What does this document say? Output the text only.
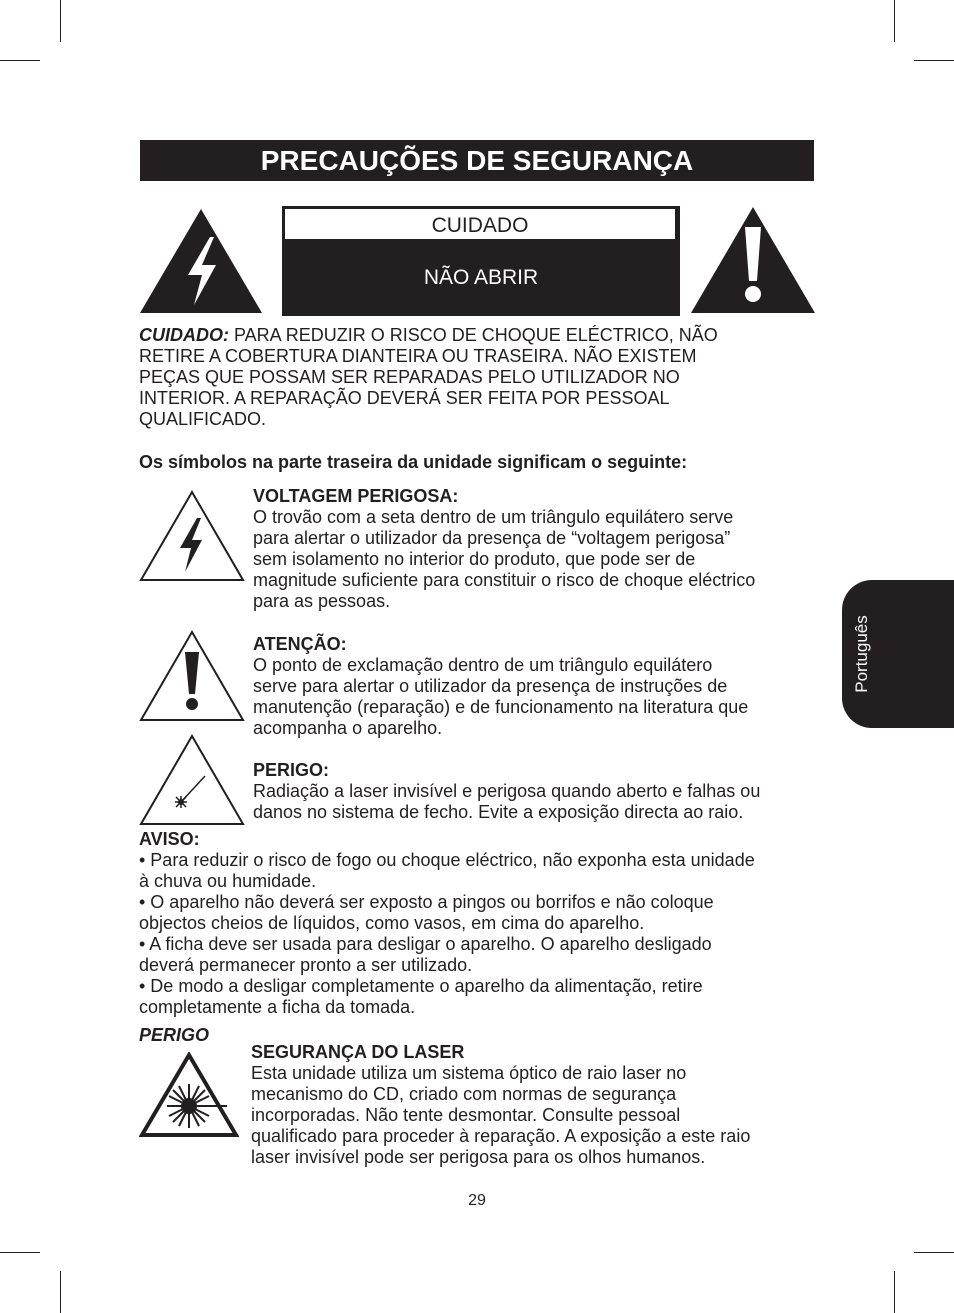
PRECAUÇÕES DE SEGURANÇA
CUIDADO
ISCO DE CHOQUE ELÉCTRICO
NÃO ABRIR
CUIDADO: PARA REDUZIR O RISCO DE CHOQUE ELÉCTRICO, NÃO
RETIRE A COBERTURA DIANTEIRA OU TRASEIRA. NÃO EXISTEM
PEÇAS QUE POSSAM SER REPARADAS PELO UTILIZADOR NO
INTERIOR. A REPARAÇÃO DEVERÁ SER FEITA POR PESSOAL
QUALIFICADO.
Os símbolos na parte traseira da unidade significam o seguinte:
VOLTAGEM PERIGOSA:
O trovão com a seta dentro de um triângulo equilátero serve
para alertar o utilizador da presença de “voltagem perigosa”
sem isolamento no interior do produto, que pode ser de
magnitude suficiente para constituir o risco de choque eléctrico
para as pessoas.
ATENÇÃO:
O ponto de exclamação dentro de um triângulo equilátero
serve para alertar o utilizador da presença de instruções de
manutenção (reparação) e de funcionamento na literatura que
acompanha o aparelho.
PERIGO:
Radiação a laser invisível e perigosa quando aberto e falhas ou
danos no sistema de fecho. Evite a exposição directa ao raio.
AVISO:
• Para reduzir o risco de fogo ou choque eléctrico, não exponha esta unidade
à chuva ou humidade.
• O aparelho não deverá ser exposto a pingos ou borrifos e não coloque
objectos cheios de líquidos, como vasos, em cima do aparelho.
• A ficha deve ser usada para desligar o aparelho. O aparelho desligado
deverá permanecer pronto a ser utilizado.
• De modo a desligar completamente o aparelho da alimentação, retire
completamente a ficha da tomada.
PERIGO
SEGURANÇA DO LASER
Esta unidade utiliza um sistema óptico de raio laser no
mecanismo do CD, criado com normas de segurança
incorporadas. Não tente desmontar. Consulte pessoal
qualificado para proceder à reparação. A exposição a este raio
laser invisível pode ser perigosa para os olhos humanos.
Português
29
